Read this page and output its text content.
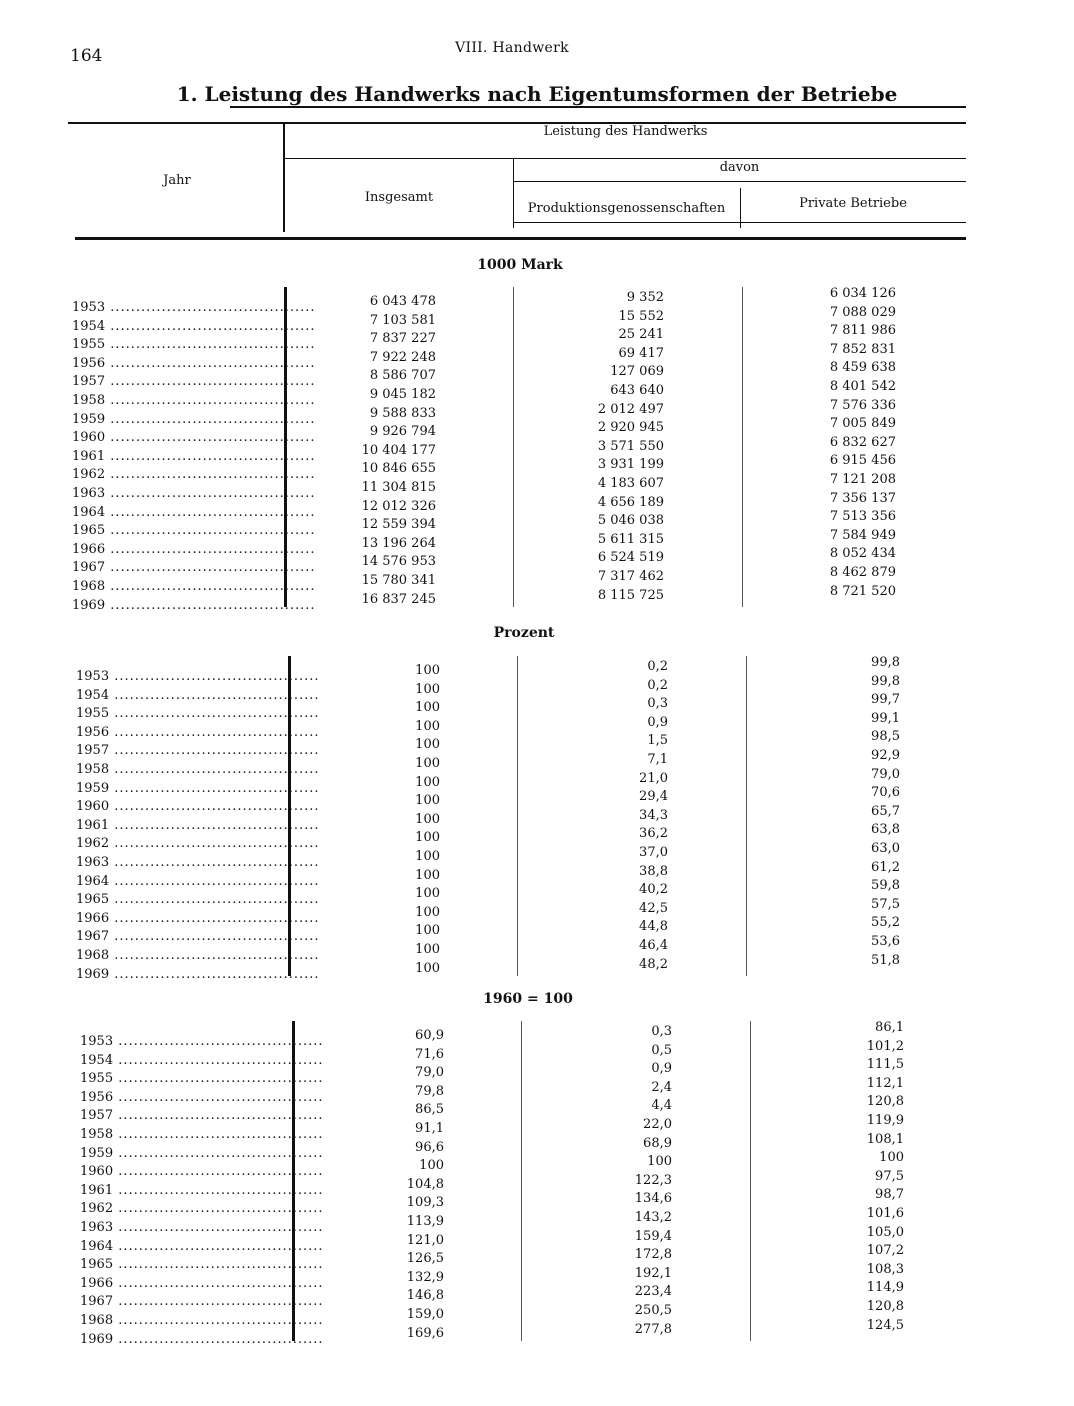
164	VIII. Handwerk
1. Leistung des Handwerks nach Eigentumsformen der Betriebe
Jahr
Leistung des Handwerks
Insgesamt
davon
Produktionsgenossenschaften	Private Betriebe
1000 Mark
1953 ........................................	6 043 478	9 352	6 034 126
1954 ........................................	7 103 581	15 552	7 088 029
1955 ........................................	7 837 227	25 241	7 811 986
1956 ........................................	7 922 248	69 417	7 852 831
1957 ........................................	8 586 707	127 069	8 459 638
1958 ........................................	9 045 182	643 640	8 401 542
1959 ........................................	9 588 833	2 012 497	7 576 336
1960 ........................................	9 926 794	2 920 945	7 005 849
1961 ........................................	10 404 177	3 571 550	6 832 627
1962 ........................................	10 846 655	3 931 199	6 915 456
1963 ........................................	11 304 815	4 183 607	7 121 208
1964 ........................................	12 012 326	4 656 189	7 356 137
1965 ........................................	12 559 394	5 046 038	7 513 356
1966 ........................................	13 196 264	5 611 315	7 584 949
1967 ........................................	14 576 953	6 524 519	8 052 434
1968 ........................................	15 780 341	7 317 462	8 462 879
1969 ........................................	16 837 245	8 115 725	8 721 520
Prozent
1953 ........................................	100	0,2	99,8
1954 ........................................	100	0,2	99,8
1955 ........................................	100	0,3	99,7
1956 ........................................	100	0,9	99,1
1957 ........................................	100	1,5	98,5
1958 ........................................	100	7,1	92,9
1959 ........................................	100	21,0	79,0
1960 ........................................	100	29,4	70,6
1961 ........................................	100	34,3	65,7
1962 ........................................	100	36,2	63,8
1963 ........................................	100	37,0	63,0
1964 ........................................	100	38,8	61,2
1965 ........................................	100	40,2	59,8
1966 ........................................	100	42,5	57,5
1967 ........................................	100	44,8	55,2
1968 ........................................	100	46,4	53,6
1969 ........................................	100	48,2	51,8
1960 = 100
1953 ........................................	60,9	0,3	86,1
1954 ........................................	71,6	0,5	101,2
1955 ........................................	79,0	0,9	111,5
1956 ........................................	79,8	2,4	112,1
1957 ........................................	86,5	4,4	120,8
1958 ........................................	91,1	22,0	119,9
1959 ........................................	96,6	68,9	108,1
1960 ........................................	100	100	100
1961 ........................................	104,8	122,3	97,5
1962 ........................................	109,3	134,6	98,7
1963 ........................................	113,9	143,2	101,6
1964 ........................................	121,0	159,4	105,0
1965 ........................................	126,5	172,8	107,2
1966 ........................................	132,9	192,1	108,3
1967 ........................................	146,8	223,4	114,9
1968 ........................................	159,0	250,5	120,8
1969 ........................................	169,6	277,8	124,5
